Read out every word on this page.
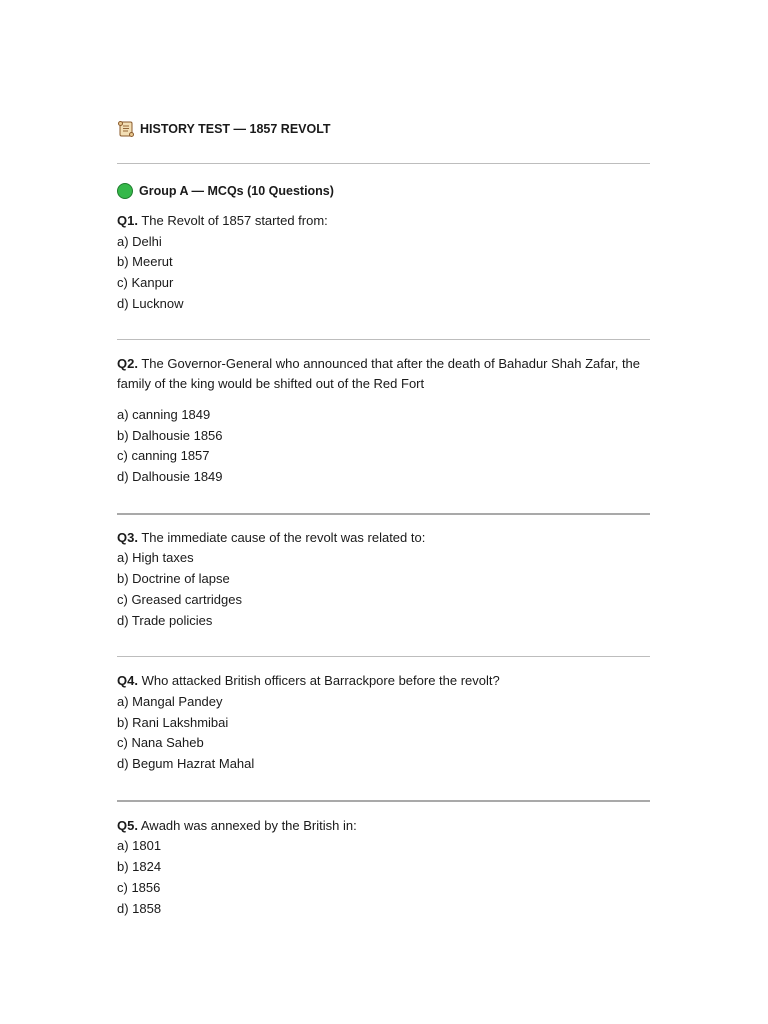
HISTORY TEST — 1857 REVOLT
Group A — MCQs (10 Questions)

Q1. The Revolt of 1857 started from:

a) Delhi
b) Meerut
c) Kanpur
d) Lucknow

Q2. The Governor-General who announced that after the death of Bahadur Shah Zafar, the

family of the king would be shifted out of the Red Fort

a) canning 1849
b) Dalhousie 1856
c) canning 1857
d) Dalhousie 1849

Q3. The immediate cause of the revolt was related to:

a) High taxes
b) Doctrine of lapse
c) Greased cartridges
d) Trade policies

Q4. Who attacked British officers at Barrackpore before the revolt?

a) Mangal Pandey
b) Rani Lakshmibai
c) Nana Saheb
d) Begum Hazrat Mahal

Q5. Awadh was annexed by the British in:

a) 1801
b) 1824
c) 1856
d) 1858
